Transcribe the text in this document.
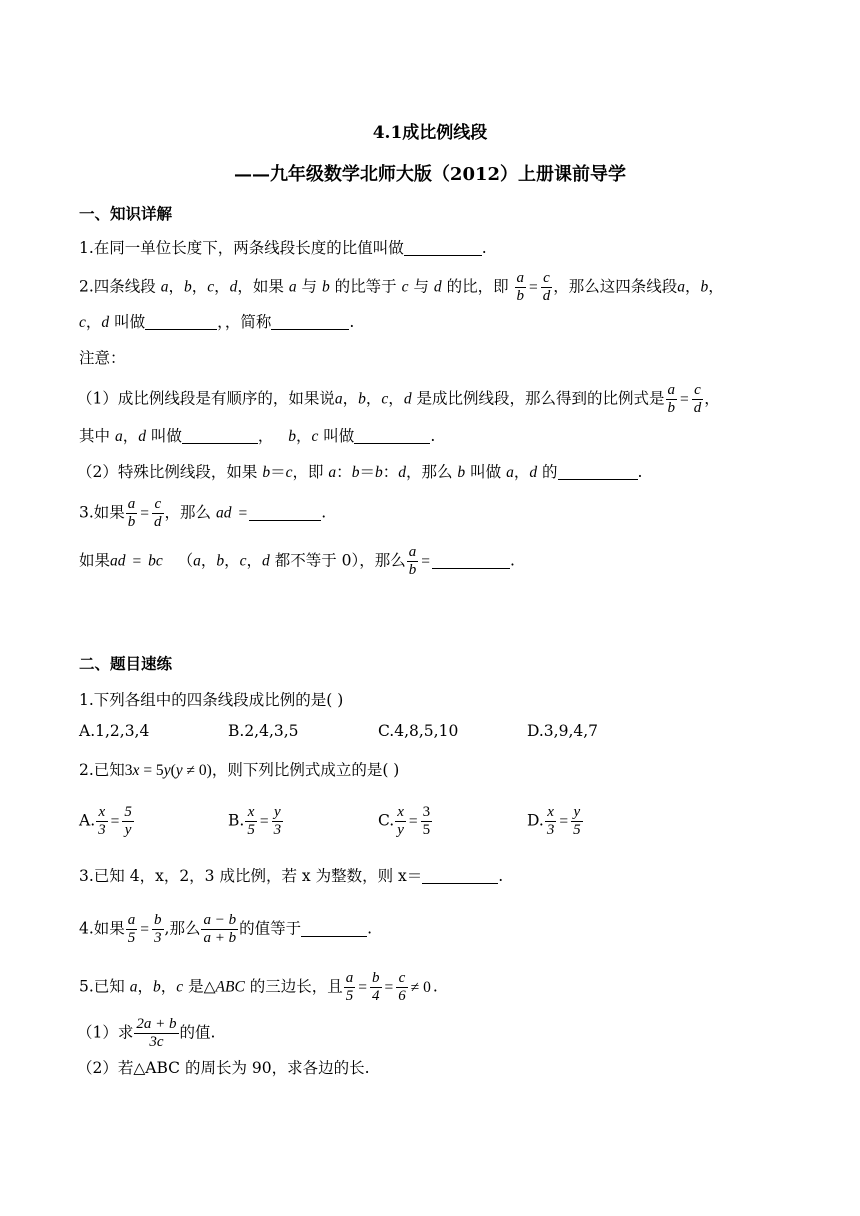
4.1成比例线段
——九年级数学北师大版（2012）上册课前导学
一、知识详解
1.在同一单位长度下，两条线段长度的比值叫做	.
2.四条线段 a，b，c，d，如果 a 与 b 的比等于 c 与 d 的比，即 $\frac{a}{b} = \frac{c}{d}$ ，那么这四条线段a，b，
c，d 叫做	，，简称	.
注意：
（1）成比例线段是有顺序的，如果说a，b，c，d 是成比例线段，那么得到的比例式是 $\frac{a}{b} = \frac{c}{d}$ ，
其中 a，d 叫做	，   b，c 叫做	.
（2）特殊比例线段，如果 b＝c，即 a：b＝b：d，那么 b 叫做 a，d 的	.
3.如果 $\frac{a}{b} = \frac{c}{d}$ ，那么 ad =	.
如果ad = bc （a，b，c，d 都不等于 0），那么 $\frac{a}{b}$ =	.
二、题目速练
1.下列各组中的四条线段成比例的是( )
A.1,2,3,4	B.2,4,3,5	C.4,8,5,10	D.3,9,4,7
2.已知3x = 5y(y ≠ 0)，则下列比例式成立的是( )
A. $\frac{x}{3} = \frac{5}{y}$	B. $\frac{x}{5} = \frac{y}{3}$	C. $\frac{x}{y} = \frac{3}{5}$	D. $\frac{x}{3} = \frac{y}{5}$
3.已知 4，x，2，3 成比例，若 x 为整数，则 x＝	.
4.如果 $\frac{a}{5} = \frac{b}{3}$ ,那么 $\frac{a - b}{a + b}$ 的值等于	.
5.已知 a，b，c 是△ABC 的三边长，且 $\frac{a}{5} = \frac{b}{4} = \frac{c}{6} \ne 0$ .
（1）求 $\frac{2a + b}{3c}$ 的值.
（2）若△ABC 的周长为 90，求各边的长.
